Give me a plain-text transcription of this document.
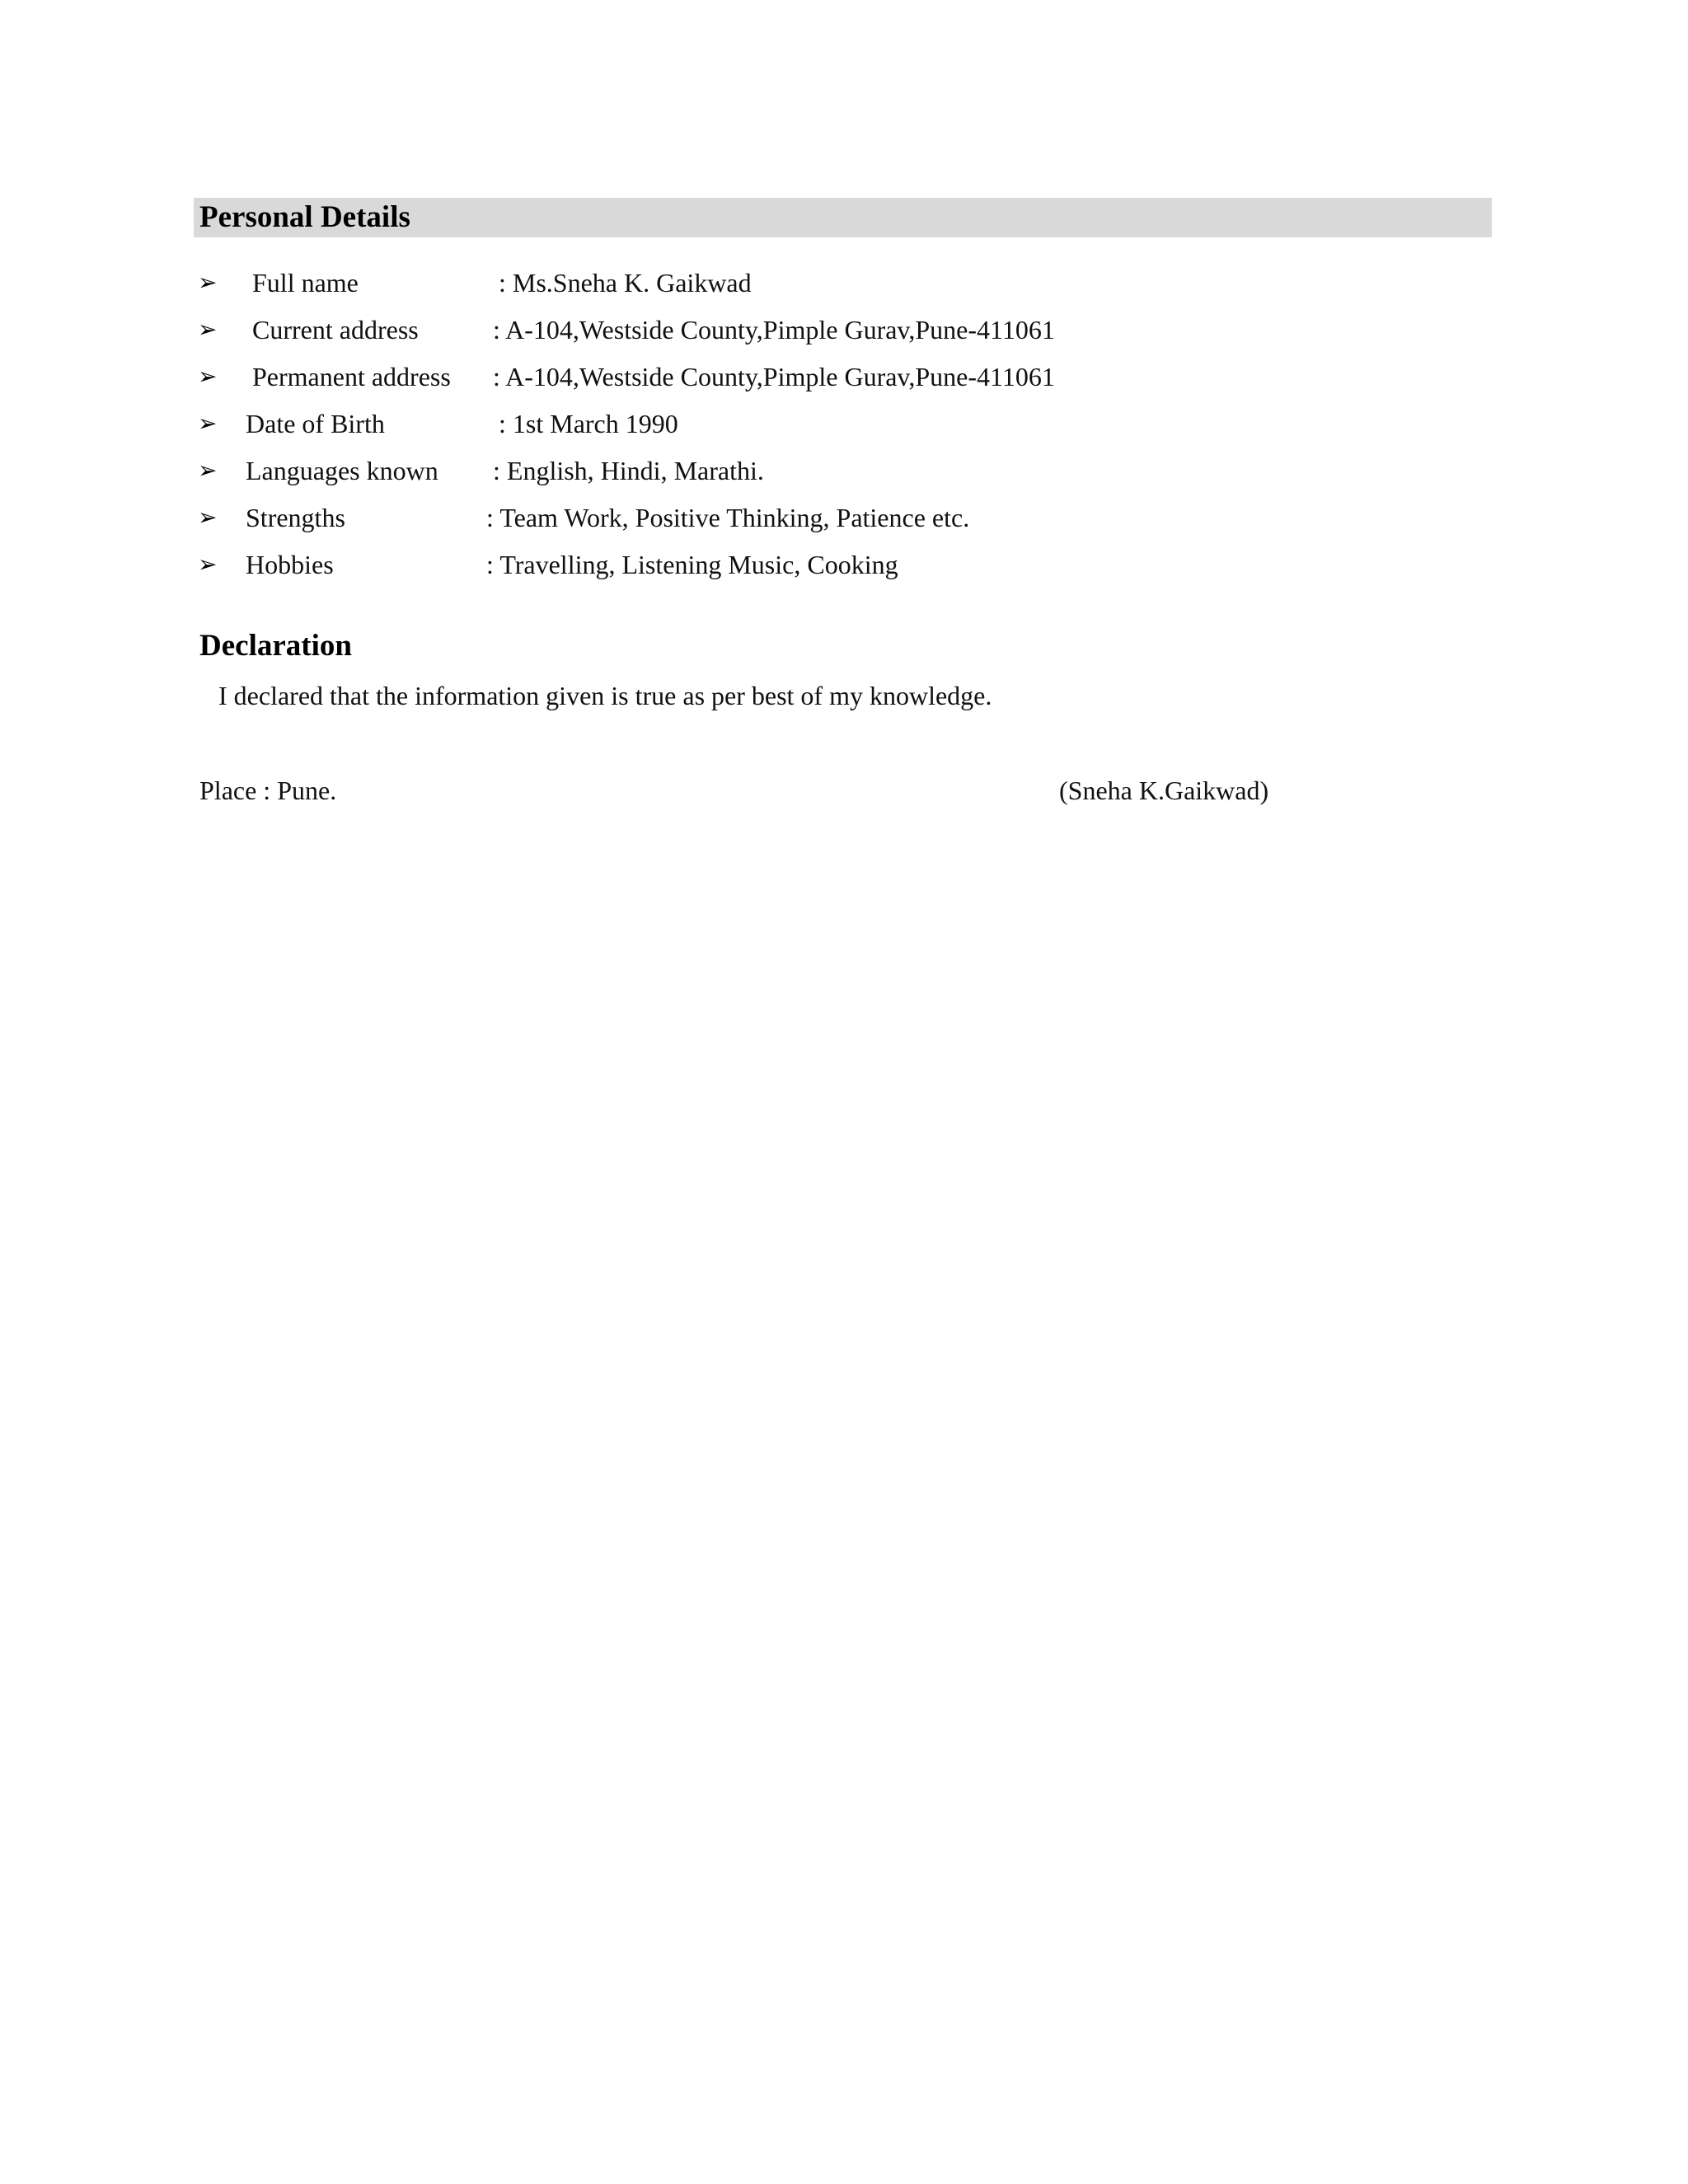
Personal Details
➢ Full name	: Ms.Sneha K. Gaikwad
➢ Current address	: A-104,Westside County,Pimple Gurav,Pune-411061
➢ Permanent address : A-104,Westside County,Pimple Gurav,Pune-411061
➢ Date of Birth	: 1st March 1990
➢ Languages known : English, Hindi, Marathi.
➢ Strengths	: Team Work, Positive Thinking, Patience etc.
➢ Hobbies	: Travelling, Listening Music, Cooking
Declaration
I declared that the information given is true as per best of my knowledge.
Place : Pune.	(Sneha K.Gaikwad)
